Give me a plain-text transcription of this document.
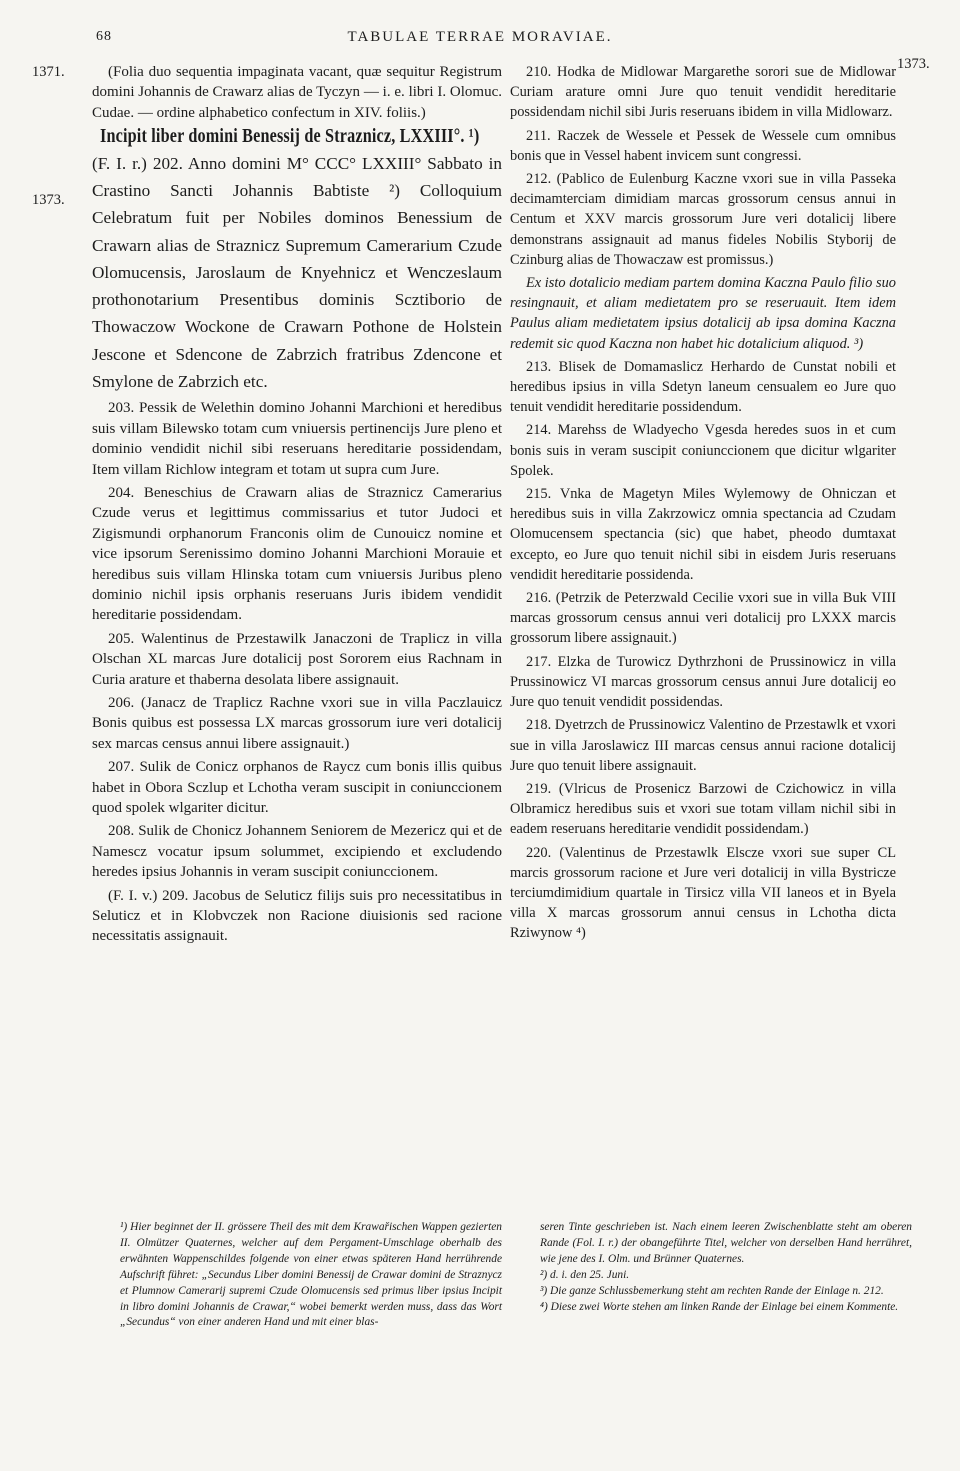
68	TABULAE TERRAE MORAVIAE.
1371.
1373.
1373.

(Folia duo sequentia impaginata vacant, quæ sequitur Registrum domini Johannis de Crawarz alias de Tyczyn — i. e. libri I. Olomuc. Cudae. — ordine alphabetico confectum in XIV. foliis.)

Incipit liber domini Benessij de Straznicz, LXXIII°. ¹)

(F. I. r.) 202. Anno domini M° CCC° LXXIII° Sabbato in Crastino Sancti Johannis Babtiste ²) Colloquium Celebratum fuit per Nobiles dominos Benessium de Crawarn alias de Straznicz Supremum Camerarium Czude Olomucensis, Jaroslaum de Knyehnicz et Wenczeslaum prothonotarium Presentibus dominis Scztiborio de Thowaczow Wockone de Crawarn Pothone de Holstein Jescone et Sdencone de Zabrzich fratribus Zdencone et Smylone de Zabrzich etc.

203. Pessik de Welethin domino Johanni Marchioni et heredibus suis villam Bilewsko totam cum vniuersis pertinencijs Jure pleno et dominio vendidit nichil sibi reseruans hereditarie possidendam, Item villam Richlow integram et totam ut supra cum Jure.

204. Beneschius de Crawarn alias de Straznicz Camerarius Czude verus et legittimus commissarius et tutor Judoci et Zigismundi orphanorum Franconis olim de Cunouicz nomine et vice ipsorum Serenissimo domino Johanni Marchioni Morauie et heredibus suis villam Hlinska totam cum vniuersis Juribus pleno dominio nichil ipsis orphanis reseruans Juris ibidem vendidit hereditarie possidendam.

205. Walentinus de Przestawilk Janaczoni de Traplicz in villa Olschan XL marcas Jure dotalicij post Sororem eius Rachnam in Curia arature et thaberna desolata libere assignauit.

206. (Janacz de Traplicz Rachne vxori sue in villa Paczlauicz Bonis quibus est possessa LX marcas grossorum iure veri dotalicij sex marcas census annui libere assignauit.)

207. Sulik de Conicz orphanos de Raycz cum bonis illis quibus habet in Obora Sczlup et Lchotha veram suscipit in coniunccionem quod spolek wlgariter dicitur.

208. Sulik de Chonicz Johannem Seniorem de Mezericz qui et de Namescz vocatur ipsum solummet, excipiendo et excludendo heredes ipsius Johannis in veram suscipit coniunccionem.

(F. I. v.) 209. Jacobus de Seluticz filijs suis pro necessitatibus in Seluticz et in Klobvczek non Racione diuisionis sed racione necessitatis assignauit.

210. Hodka de Midlowar Margarethe sorori sue de Midlowar Curiam arature omni Jure quo tenuit vendidit hereditarie possidendam nichil sibi Juris reseruans ibidem in villa Midlowarz.

211. Raczek de Wessele et Pessek de Wessele cum omnibus bonis que in Vessel habent invicem sunt congressi.

212. (Pablico de Eulenburg Kaczne vxori sue in villa Passeka decimamterciam dimidiam marcas grossorum census annui in Centum et XXV marcis grossorum Jure veri dotalicij libere demonstrans assignauit ad manus fideles Nobilis Styborij de Czinburg alias de Thowaczaw est promissus.)

Ex isto dotalicio mediam partem domina Kaczna Paulo filio suo resingnauit, et aliam medietatem pro se reseruauit. Item idem Paulus aliam medietatem ipsius dotalicij ab ipsa domina Kaczna redemit sic quod Kaczna non habet hic dotalicium aliquod. ³)

213. Blisek de Domamaslicz Herhardo de Cunstat nobili et heredibus ipsius in villa Sdetyn laneum censualem eo Jure quo tenuit vendidit hereditarie possidendum.

214. Marehss de Wladyecho Vgesda heredes suos in et cum bonis suis in veram suscipit coniunccionem que dicitur wlgariter Spolek.

215. Vnka de Magetyn Miles Wylemowy de Ohniczan et heredibus suis in villa Zakrzowicz omnia spectancia ad Czudam Olomucensem spectancia (sic) que habet, pheodo dumtaxat excepto, eo Jure quo tenuit nichil sibi in eisdem Juris reseruans vendidit hereditarie possidenda.

216. (Petrzik de Peterzwald Cecilie vxori sue in villa Buk VIII marcas grossorum census annui veri dotalicij pro LXXX marcis grossorum libere assignauit.)

217. Elzka de Turowicz Dythrzhoni de Prussinowicz in villa Prussinowicz VI marcas grossorum census annui Jure dotalicij eo Jure quo tenuit vendidit possidendas.

218. Dyetrzch de Prussinowicz Valentino de Przestawlk et vxori sue in villa Jaroslawicz III marcas census annui racione dotalicij Jure quo tenuit libere assignauit.

219. (Vlricus de Prosenicz Barzowi de Czichowicz in villa Olbramicz heredibus suis et vxori sue totam villam nichil sibi in eadem reseruans hereditarie vendidit possidendam.)

220. (Valentinus de Przestawlk Elscze vxori sue super CL marcis grossorum racione et Jure veri dotalicij in villa Bystricze terciumdimidium quartale in Tirsicz villa VII laneos et in Byela villa X marcas grossorum annui census in Lchotha dicta Rziwynow ⁴)

¹) Hier beginnet der II. grössere Theil des mit dem Krawařischen Wappen gezierten II. Olmützer Quaternes, welcher auf dem Pergament-Umschlage oberhalb des erwähnten Wappenschildes folgende von einer etwas späteren Hand herrührende Aufschrift führet: „Secundus Liber domini Benessij de Crawar domini de Straznycz et Plumnow Camerarij supremi Czude Olomucensis sed primus liber ipsius Incipit in libro domini Johannis de Crawar,“ wobei bemerkt werden muss, dass das Wort „Secundus“ von einer anderen Hand und mit einer blas-

seren Tinte geschrieben ist. Nach einem leeren Zwischenblatte steht am oberen Rande (Fol. I. r.) der obangeführte Titel, welcher von derselben Hand herrühret, wie jene des I. Olm. und Brünner Quaternes.

²) d. i. den 25. Juni.

³) Die ganze Schlussbemerkung steht am rechten Rande der Einlage n. 212.

⁴) Diese zwei Worte stehen am linken Rande der Einlage bei einem Kommente.
